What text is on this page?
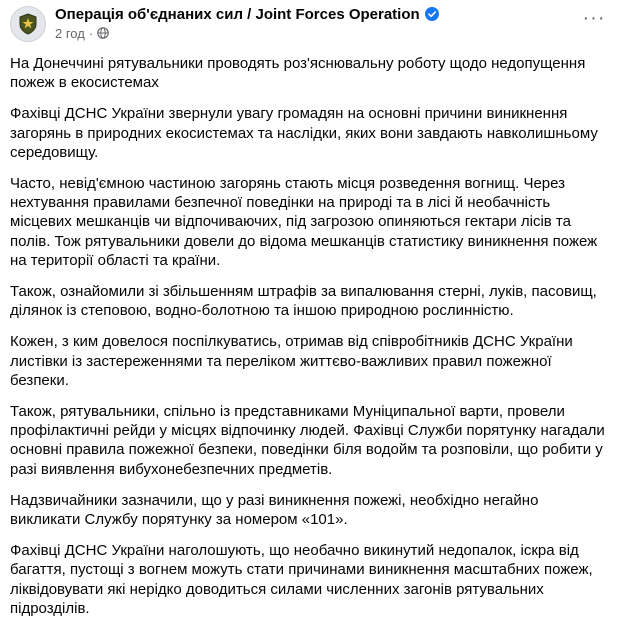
Операція об'єднаних сил / Joint Forces Operation
2 год ·
···

На Донеччині рятувальники проводять роз'яснювальну роботу щодо недопущення пожеж в екосистемах

Фахівці ДСНС України звернули увагу громадян на основні причини виникнення загорянь в природних екосистемах та наслідки, яких вони завдають навколишньому середовищу.

Часто, невід'ємною частиною загорянь стають місця розведення вогнищ. Через нехтування правилами безпечної поведінки на природі та в лісі й необачність місцевих мешканців чи відпочиваючих, під загрозою опиняються гектари лісів та полів. Тож рятувальники довели до відома мешканців статистику виникнення пожеж на території області та країни.

Також, ознайомили зі збільшенням штрафів за випалювання стерні, луків, пасовищ, ділянок із степовою, водно-болотною та іншою природною рослинністю.

Кожен, з ким довелося поспілкуватись, отримав від співробітників ДСНС України листівки із застереженнями та переліком життєво-важливих правил пожежної безпеки.

Також, рятувальники, спільно із представниками Муніципальної варти, провели профілактичні рейди у місцях відпочинку людей. Фахівці Служби порятунку нагадали основні правила пожежної безпеки, поведінки біля водойм та розповіли, що робити у разі виявлення вибухонебезпечних предметів.

Надзвичайники зазначили, що у разі виникнення пожежі, необхідно негайно викликати Службу порятунку за номером «101».

Фахівці ДСНС України наголошують, що необачно викинутий недопалок, іскра від багаття, пустощі з вогнем можуть стати причинами виникнення масштабних пожеж, ліквідовувати які нерідко доводиться силами численних загонів рятувальних підрозділів.
